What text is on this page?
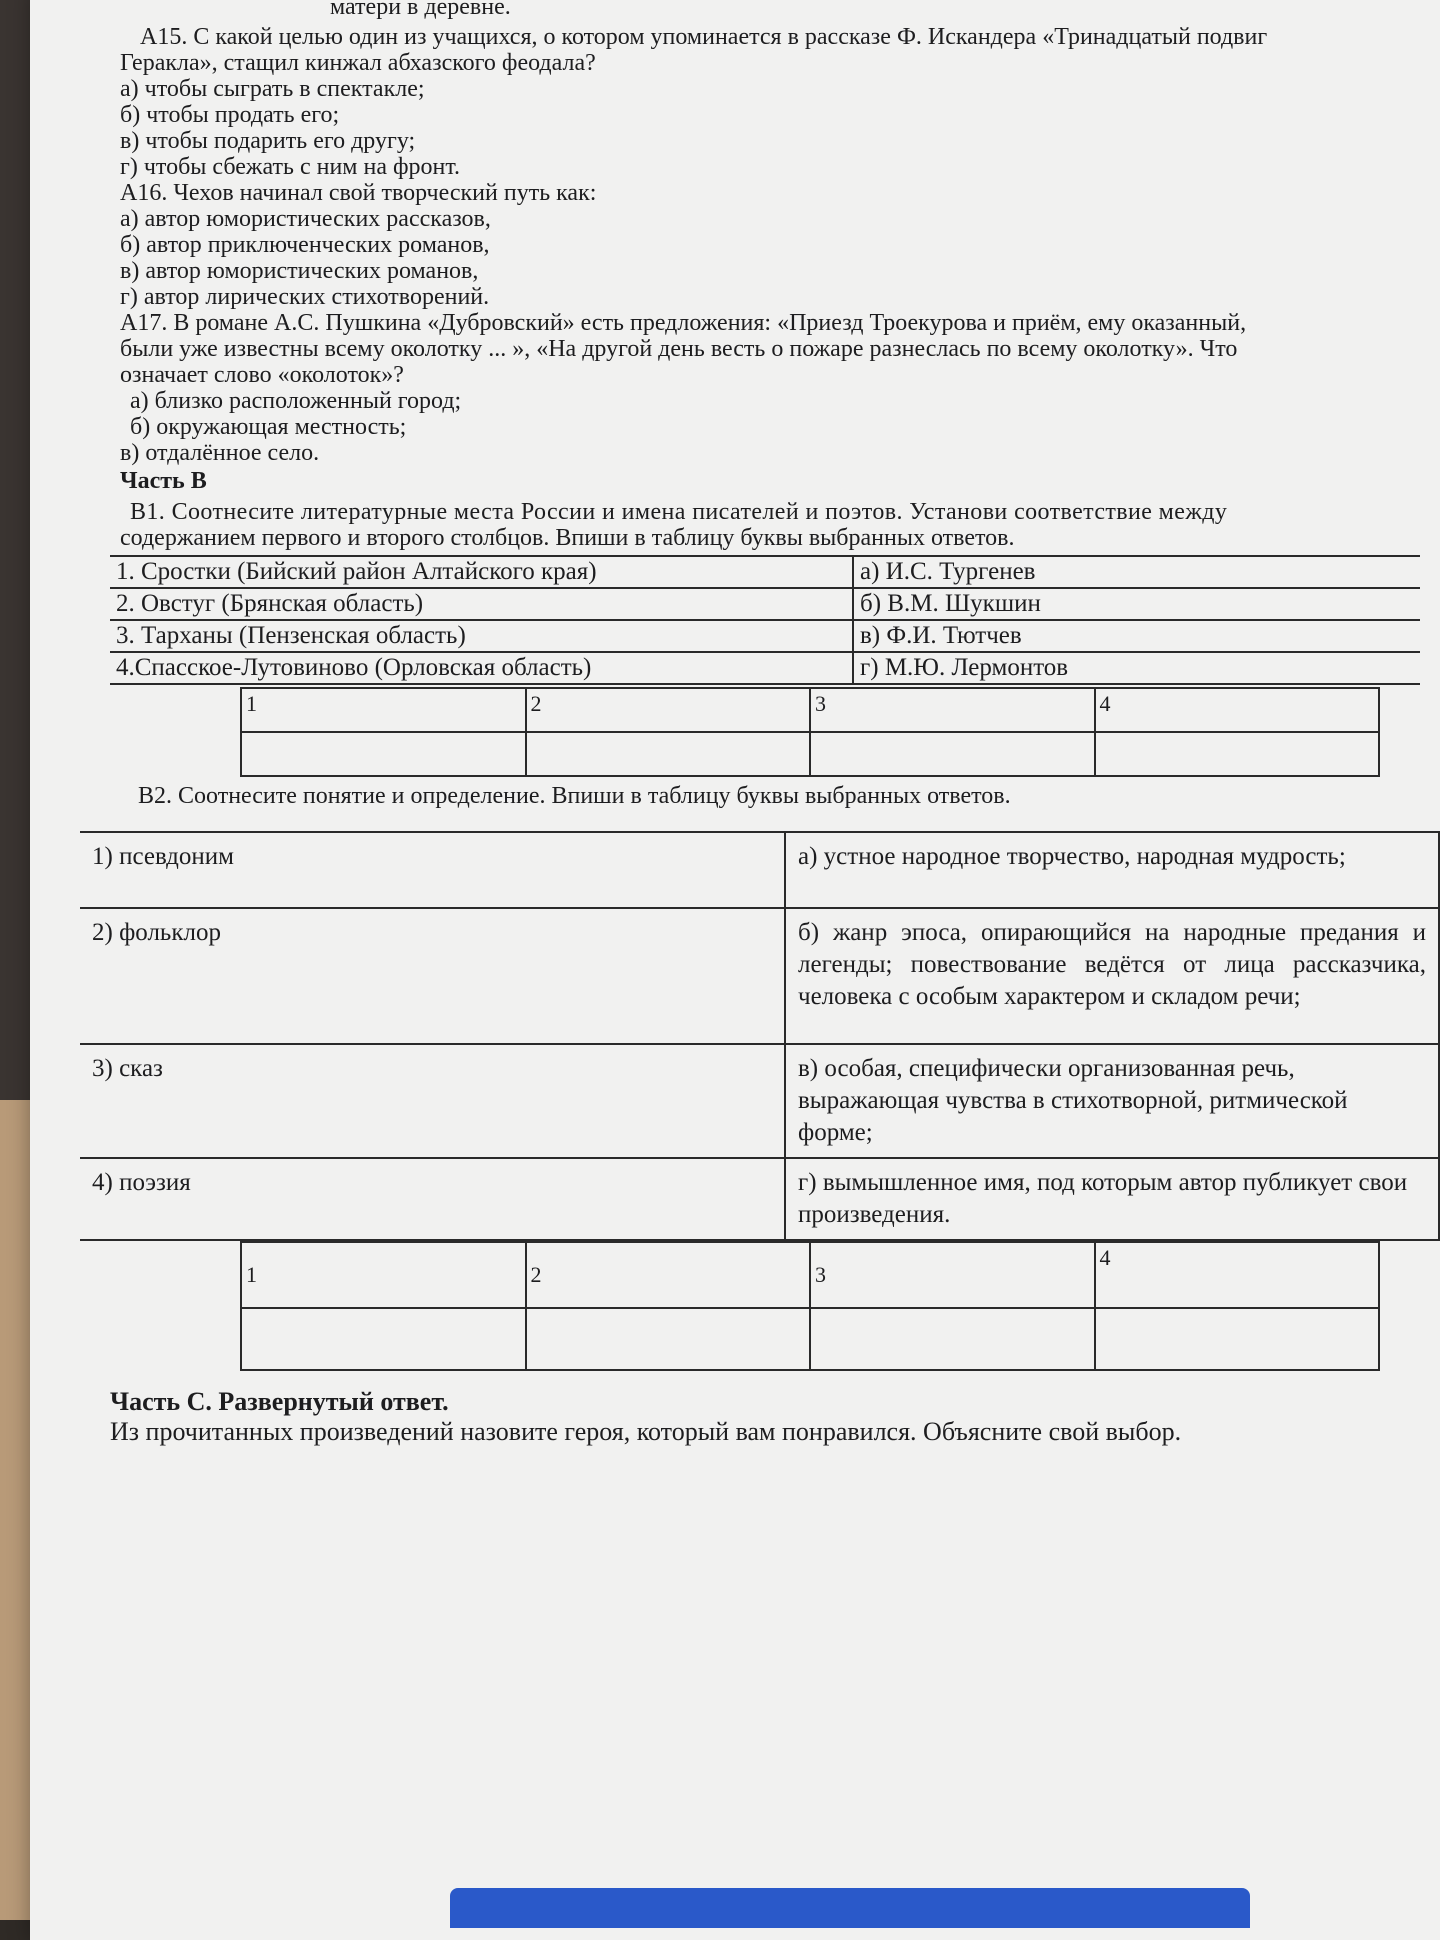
матери в деревне.
А15. С какой целью один из учащихся, о котором упоминается в рассказе Ф. Искандера «Тринадцатый подвиг Геракла», стащил кинжал абхазского феодала?
а) чтобы сыграть в спектакле;
б) чтобы продать его;
в) чтобы подарить его другу;
г) чтобы сбежать с ним на фронт.
А16. Чехов начинал свой творческий путь как:
а) автор юмористических рассказов,
б) автор приключенческих романов,
в) автор юмористических романов,
г) автор лирических стихотворений.
А17. В романе А.С. Пушкина «Дубровский» есть предложения: «Приезд Троекурова и приём, ему оказанный,
были уже известны всему околотку ... », «На другой день весть о пожаре разнеслась по всему околотку». Что
означает слово «околоток»?
а) близко расположенный город;
б) окружающая местность;
в) отдалённое село.
Часть В
В1. Соотнесите литературные места России и имена писателей и поэтов. Установи соответствие между
содержанием первого и второго столбцов. Впиши в таблицу буквы выбранных ответов.
1. Сростки (Бийский район Алтайского края)	а) И.С. Тургенев
2. Овстуг (Брянская область)	б) В.М. Шукшин
3. Тарханы (Пензенская область)	в) Ф.И. Тютчев
4.Спасское-Лутовиново (Орловская область)	г) М.Ю. Лермонтов
1	2	3	4

В2. Соотнесите понятие и определение. Впиши в таблицу буквы выбранных ответов.
1) псевдоним	а) устное народное творчество, народная мудрость;
2) фольклор	б) жанр эпоса, опирающийся на народные предания и легенды; повествование ведётся от лица рассказчика, человека с особым характером и складом речи;
3) сказ	в) особая, специфически организованная речь, выражающая чувства в стихотворной, ритмической форме;
4) поэзия	г) вымышленное имя, под которым автор публикует свои произведения.
1	2	3	4

Часть С. Развернутый ответ.
Из прочитанных произведений назовите героя, который вам понравился. Объясните свой выбор.
